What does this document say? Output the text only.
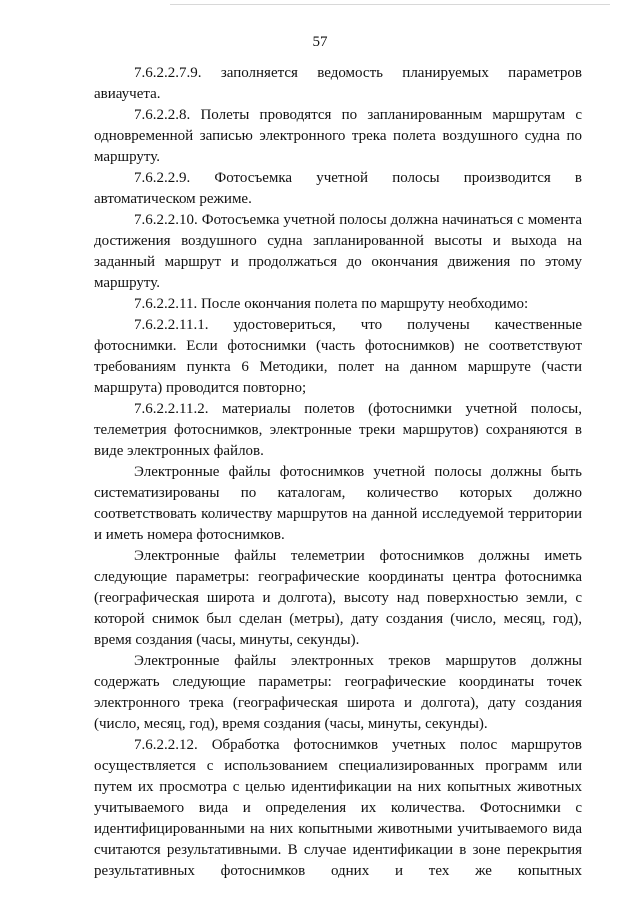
57

7.6.2.2.7.9. заполняется ведомость планируемых параметров авиаучета.

7.6.2.2.8. Полеты проводятся по запланированным маршрутам с одновременной записью электронного трека полета воздушного судна по маршруту.

7.6.2.2.9. Фотосъемка учетной полосы производится в автоматическом режиме.

7.6.2.2.10. Фотосъемка учетной полосы должна начинаться с момента достижения воздушного судна запланированной высоты и выхода на заданный маршрут и продолжаться до окончания движения по этому маршруту.

7.6.2.2.11. После окончания полета по маршруту необходимо:

7.6.2.2.11.1. удостовериться, что получены качественные фотоснимки. Если фотоснимки (часть фотоснимков) не соответствуют требованиям пункта 6 Методики, полет на данном маршруте (части маршрута) проводится повторно;

7.6.2.2.11.2. материалы полетов (фотоснимки учетной полосы, телеметрия фотоснимков, электронные треки маршрутов) сохраняются в виде электронных файлов.

Электронные файлы фотоснимков учетной полосы должны быть систематизированы по каталогам, количество которых должно соответствовать количеству маршрутов на данной исследуемой территории и иметь номера фотоснимков.

Электронные файлы телеметрии фотоснимков должны иметь следующие параметры: географические координаты центра фотоснимка (географическая широта и долгота), высоту над поверхностью земли, с которой снимок был сделан (метры), дату создания (число, месяц, год), время создания (часы, минуты, секунды).

Электронные файлы электронных треков маршрутов должны содержать следующие параметры: географические координаты точек электронного трека (географическая широта и долгота), дату создания (число, месяц, год), время создания (часы, минуты, секунды).

7.6.2.2.12. Обработка фотоснимков учетных полос маршрутов осуществляется с использованием специализированных программ или путем их просмотра с целью идентификации на них копытных животных учитываемого вида и определения их количества. Фотоснимки с идентифицированными на них копытными животными учитываемого вида считаются результативными. В случае идентификации в зоне перекрытия результативных фотоснимков одних и тех же копытных
